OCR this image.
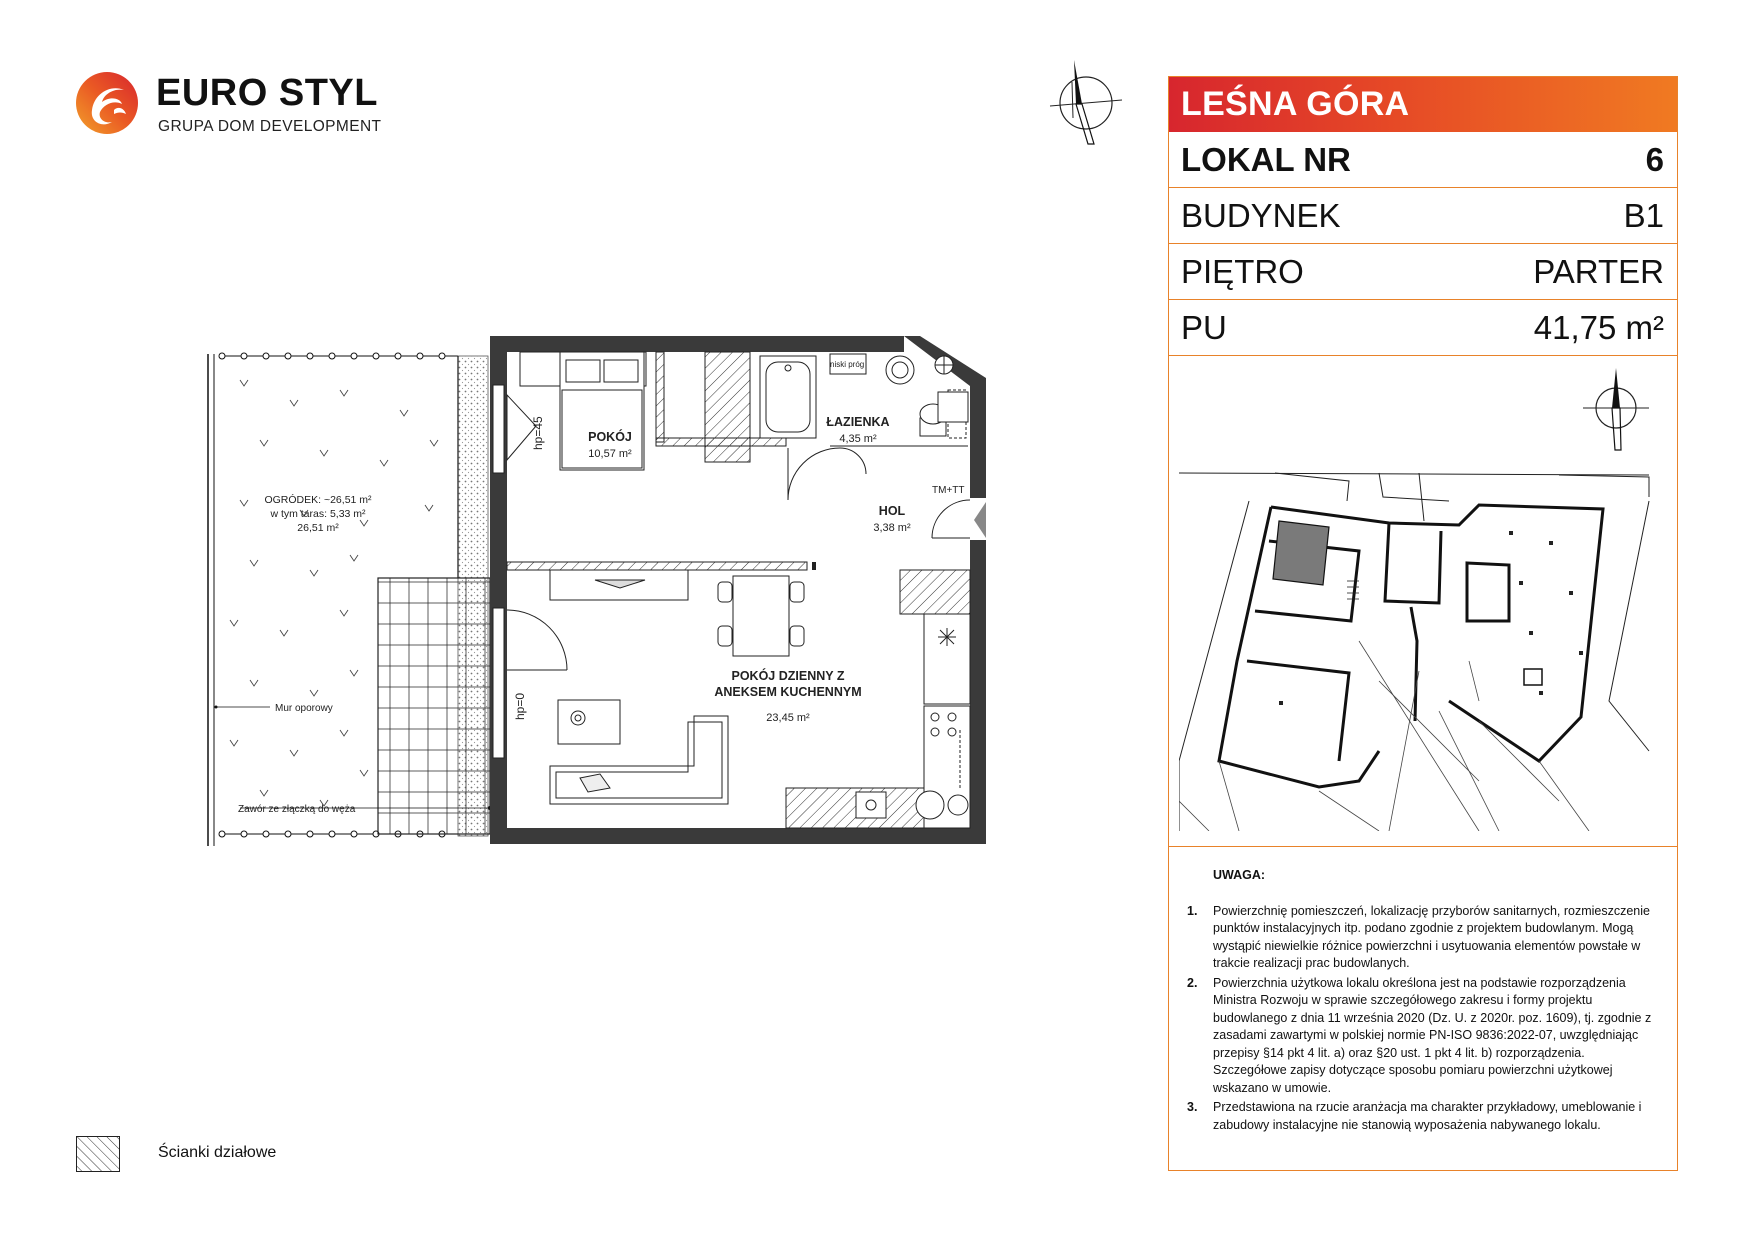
EURO STYL
GRUPA DOM DEVELOPMENT
POKÓJ
10,57 m²
ŁAZIENKA
4,35 m²
HOL
3,38 m²
POKÓJ DZIENNY Z
ANEKSEM KUCHENNYM
23,45 m²
OGRÓDEK: ~26,51 m²
w tym taras: 5,33 m²
26,51 m²
Mur oporowy
Zawór ze złączką do węża
TM+TT
niski próg
hp=45
hp=0
Ścianki działowe
LEŚNA GÓRA
LOKAL NR	6
BUDYNEK	B1
PIĘTRO	PARTER
PU	41,75 m²
UWAGA:
1.	Powierzchnię pomieszczeń, lokalizację przyborów sanitarnych, rozmieszczenie punktów instalacyjnych itp. podano zgodnie z projektem budowlanym. Mogą wystąpić niewielkie różnice powierzchni i usytuowania elementów powstałe w trakcie realizacji prac budowlanych.
2.	Powierzchnia użytkowa lokalu określona jest na podstawie rozporządzenia Ministra Rozwoju w sprawie szczegółowego zakresu i formy projektu budowlanego z dnia 11 września 2020 (Dz. U. z 2020r. poz. 1609), tj. zgodnie z zasadami zawartymi w polskiej normie PN-ISO 9836:2022-07, uwzględniając przepisy §14 pkt 4 lit. a) oraz §20 ust. 1 pkt 4 lit. b) rozporządzenia. Szczegółowe zapisy dotyczące sposobu pomiaru powierzchni użytkowej wskazano w umowie.
3.	Przedstawiona na rzucie aranżacja ma charakter przykładowy, umeblowanie i zabudowy instalacyjne nie stanowią wyposażenia nabywanego lokalu.
